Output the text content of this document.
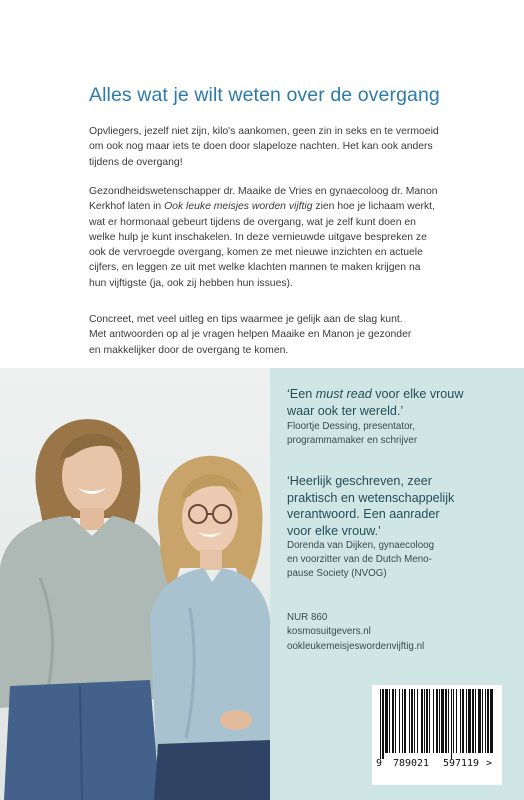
Alles wat je wilt weten over de overgang

Opvliegers, jezelf niet zijn, kilo's aankomen, geen zin in seks en te vermoeid
om ook nog maar iets te doen door slapeloze nachten. Het kan ook anders
tijdens de overgang!

Gezondheidswetenschapper dr. Maaike de Vries en gynaecoloog dr. Manon
Kerkhof laten in Ook leuke meisjes worden vijftig zien hoe je lichaam werkt,
wat er hormonaal gebeurt tijdens de overgang, wat je zelf kunt doen en
welke hulp je kunt inschakelen. In deze vernieuwde uitgave bespreken ze
ook de vervroegde overgang, komen ze met nieuwe inzichten en actuele
cijfers, en leggen ze uit met welke klachten mannen te maken krijgen na
hun vijftigste (ja, ook zij hebben hun issues).

Concreet, met veel uitleg en tips waarmee je gelijk aan de slag kunt.
Met antwoorden op al je vragen helpen Maaike en Manon je gezonder
en makkelijker door de overgang te komen.

‘Een must read voor elke vrouw
waar ook ter wereld.’

Floortje Dessing, presentator,
programmamaker en schrijver

‘Heerlijk geschreven, zeer
praktisch en wetenschappelijk
verantwoord. Een aanrader
voor elke vrouw.’

Dorenda van Dijken, gynaecoloog
en voorzitter van de Dutch Meno-
pause Society (NVOG)

NUR 860
kosmosuitgevers.nl
ookleukemeisjeswordenvijftig.nl

9 789021 597119 >
